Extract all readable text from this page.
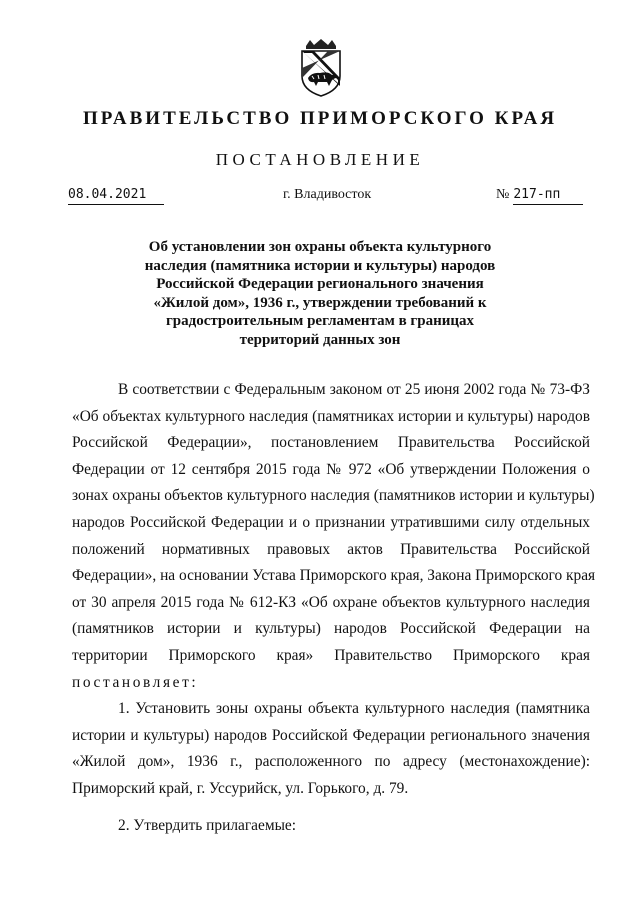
ПРАВИТЕЛЬСТВО ПРИМОРСКОГО КРАЯ
ПОСТАНОВЛЕНИЕ
08.04.2021	г. Владивосток	№ 217-пп
Об установлении зон охраны объекта культурного
наследия (памятника истории и культуры) народов
Российской Федерации регионального значения
«Жилой дом», 1936 г., утверждении требований к
градостроительным регламентам в границах
территорий данных зон
В соответствии с Федеральным законом от 25 июня 2002 года № 73-ФЗ
«Об объектах культурного наследия (памятниках истории и культуры) народов
Российской Федерации», постановлением Правительства Российской
Федерации от 12 сентября 2015 года № 972 «Об утверждении Положения о
зонах охраны объектов культурного наследия (памятников истории и культуры)
народов Российской Федерации и о признании утратившими силу отдельных
положений нормативных правовых актов Правительства Российской
Федерации», на основании Устава Приморского края, Закона Приморского края
от 30 апреля 2015 года № 612-КЗ «Об охране объектов культурного наследия
(памятников истории и культуры) народов Российской Федерации на
территории Приморского края» Правительство Приморского края
постановляет:
1. Установить зоны охраны объекта культурного наследия (памятника
истории и культуры) народов Российской Федерации регионального значения
«Жилой дом», 1936 г., расположенного по адресу (местонахождение):
Приморский край, г. Уссурийск, ул. Горького, д. 79.
2. Утвердить прилагаемые:
